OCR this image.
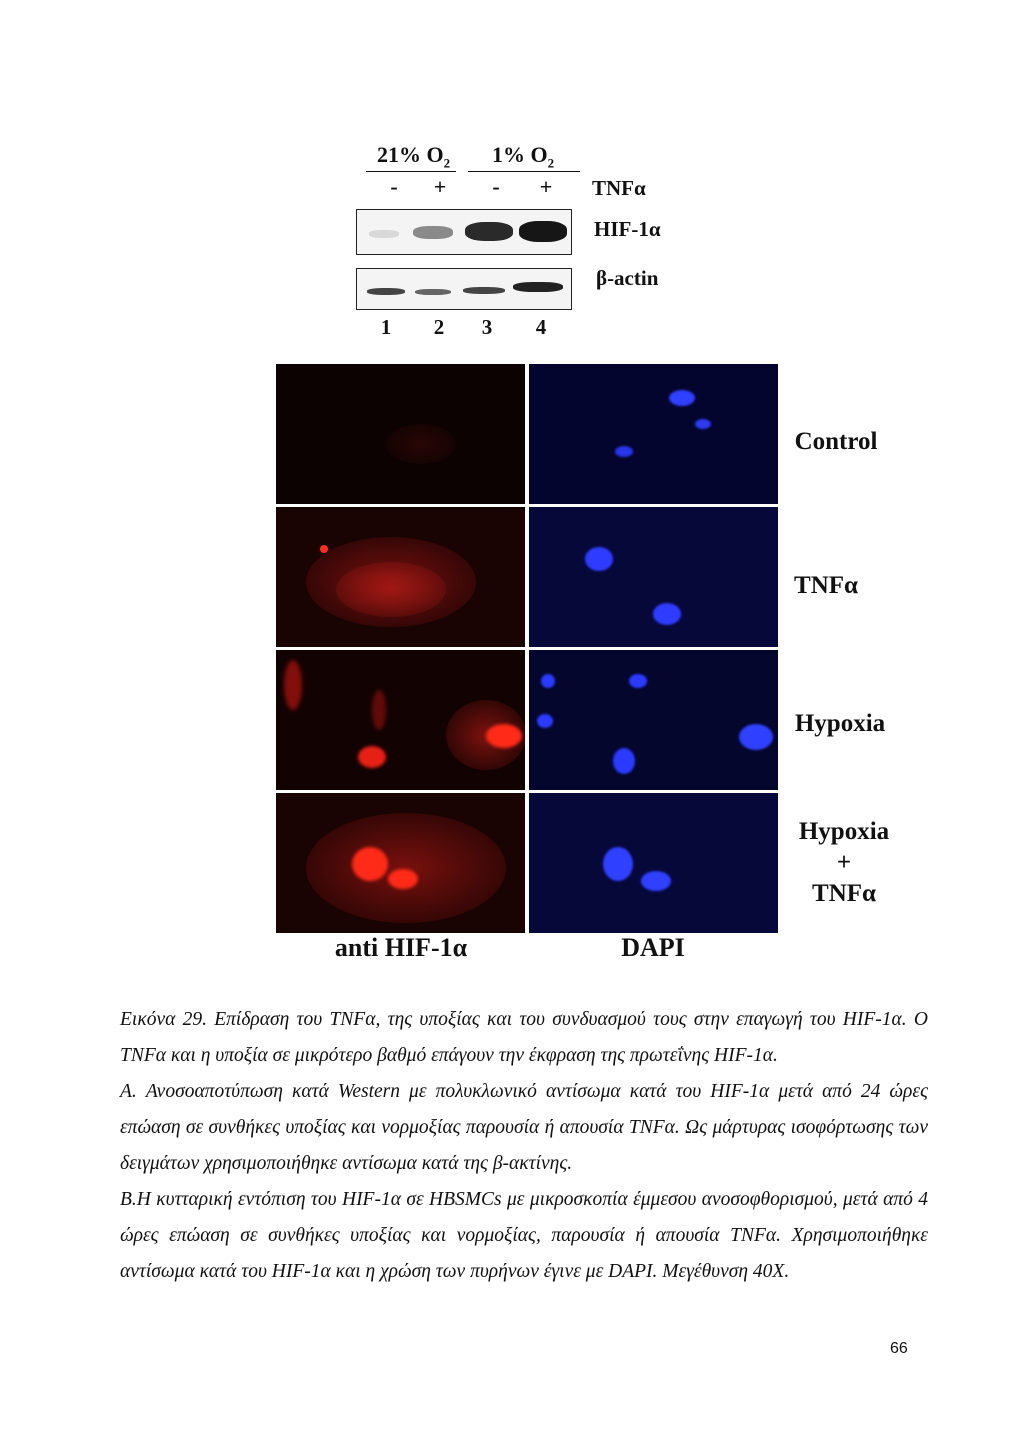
21% $O_2$ 1% $O_2$
-	+	-	+ TNFα
HIF-1α
β-actin
1	2	3	4
Control
TNFα
Hypoxia
Hypoxia
+
TNFα
anti HIF-1α	DAPI

Εικόνα 29. Επίδραση του TNFα, της υποξίας και του συνδυασμού τους στην επαγωγή του HIF-1α. Ο TNFα και η υποξία σε μικρότερο βαθμό επάγουν την έκφραση της πρωτεΐνης HIF-1α.

A. Ανοσοαποτύπωση κατά Western με πολυκλωνικό αντίσωμα κατά του HIF-1α μετά από 24 ώρες επώαση σε συνθήκες υποξίας και νορμοξίας παρουσία ή απουσία TNFα. Ως μάρτυρας ισοφόρτωσης των δειγμάτων χρησιμοποιήθηκε αντίσωμα κατά της β-ακτίνης.

B.Η κυτταρική εντόπιση του HIF-1α σε HBSMCs με μικροσκοπία έμμεσου ανοσοφθορισμού, μετά από 4 ώρες επώαση σε συνθήκες υποξίας και νορμοξίας, παρουσία ή απουσία TNFα. Χρησιμοποιήθηκε αντίσωμα κατά του HIF-1α και η χρώση των πυρήνων έγινε με DAPI. Μεγέθυνση 40X.

66
